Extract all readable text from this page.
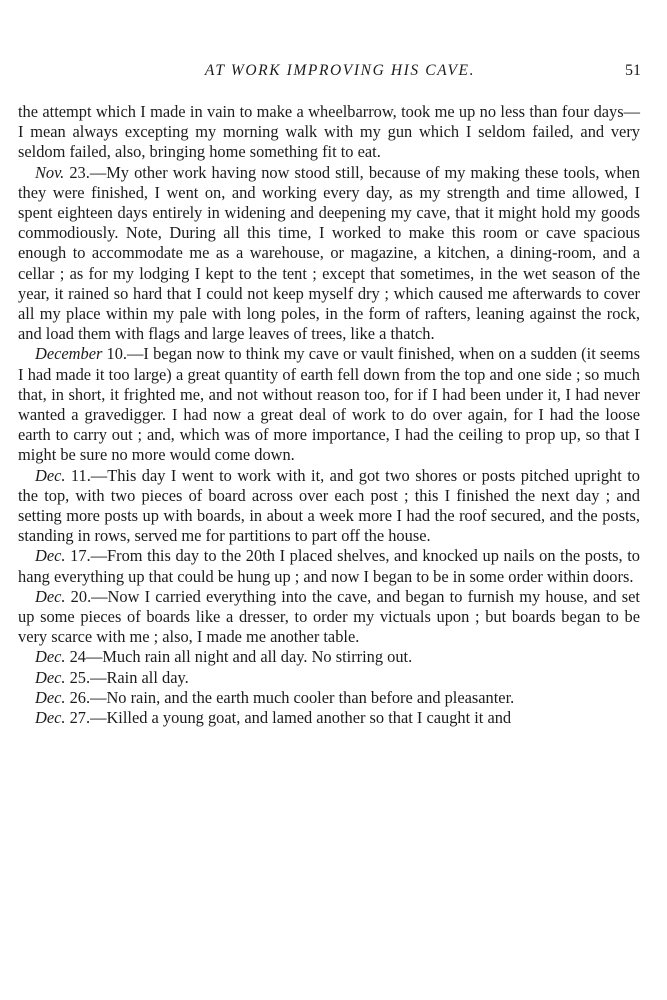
AT WORK IMPROVING HIS CAVE.	51

the attempt which I made in vain to make a wheelbarrow, took me up no less than four days—I mean always excepting my morning walk with my gun which I seldom failed, and very seldom failed, also, bringing home something fit to eat.

Nov. 23.—My other work having now stood still, because of my making these tools, when they were finished, I went on, and working every day, as my strength and time allowed, I spent eighteen days entirely in widening and deepening my cave, that it might hold my goods commodiously. Note, During all this time, I worked to make this room or cave spacious enough to accommodate me as a warehouse, or magazine, a kitchen, a dining-room, and a cellar ; as for my lodging I kept to the tent ; except that sometimes, in the wet season of the year, it rained so hard that I could not keep myself dry ; which caused me afterwards to cover all my place within my pale with long poles, in the form of rafters, leaning against the rock, and load them with flags and large leaves of trees, like a thatch.

December 10.—I began now to think my cave or vault finished, when on a sudden (it seems I had made it too large) a great quantity of earth fell down from the top and one side ; so much that, in short, it frighted me, and not without reason too, for if I had been under it, I had never wanted a gravedigger. I had now a great deal of work to do over again, for I had the loose earth to carry out ; and, which was of more importance, I had the ceiling to prop up, so that I might be sure no more would come down.

Dec. 11.—This day I went to work with it, and got two shores or posts pitched upright to the top, with two pieces of board across over each post ; this I finished the next day ; and setting more posts up with boards, in about a week more I had the roof secured, and the posts, standing in rows, served me for partitions to part off the house.

Dec. 17.—From this day to the 20th I placed shelves, and knocked up nails on the posts, to hang everything up that could be hung up ; and now I began to be in some order within doors.

Dec. 20.—Now I carried everything into the cave, and began to furnish my house, and set up some pieces of boards like a dresser, to order my victuals upon ; but boards began to be very scarce with me ; also, I made me another table.

Dec. 24—Much rain all night and all day. No stirring out.

Dec. 25.—Rain all day.

Dec. 26.—No rain, and the earth much cooler than before and pleasanter.

Dec. 27.—Killed a young goat, and lamed another so that I caught it and
